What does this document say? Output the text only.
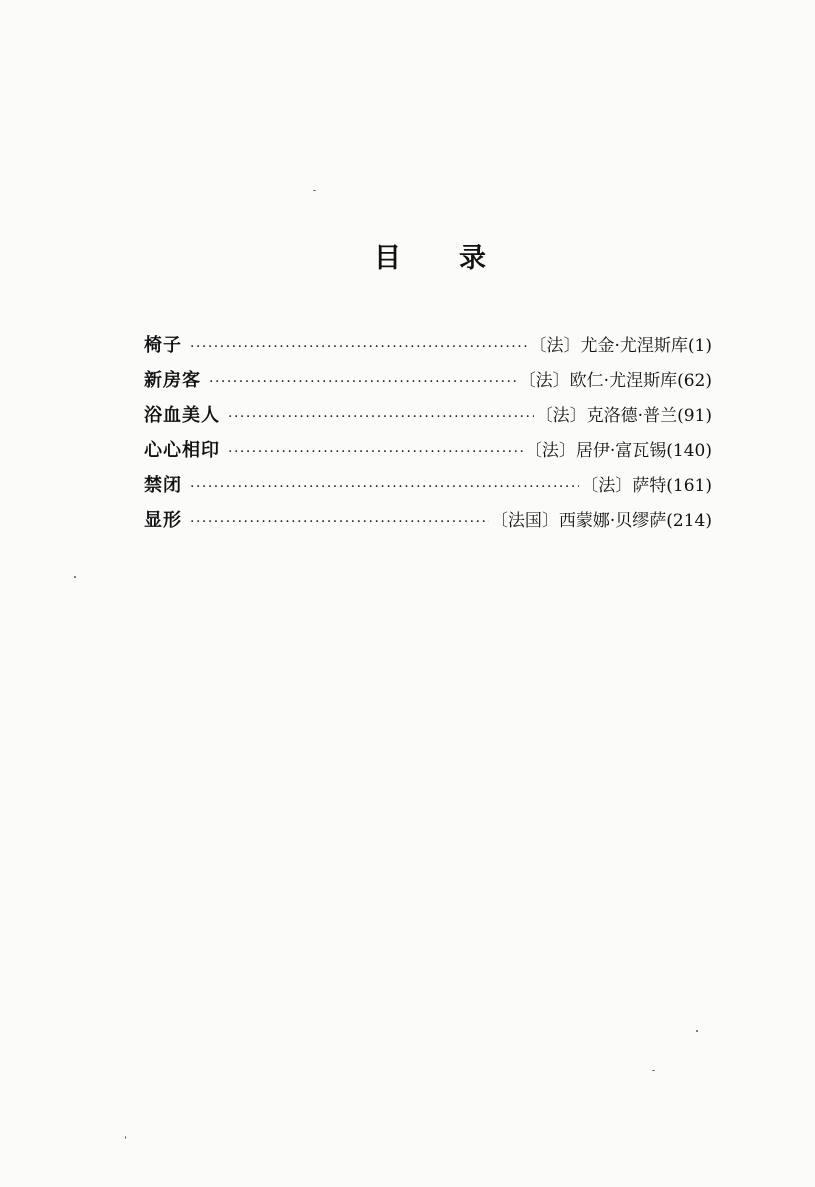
目 录
椅子 ·····	〔法〕尤金·尤涅斯库 (1)
新房客 ·····	〔法〕欧仁·尤涅斯库 (62)
浴血美人 ·····	〔法〕克洛德·普兰 (91)
心心相印 ·····	〔法〕居伊·富瓦锡 (140)
禁闭 ·····	〔法〕萨特 (161)
显形 ·····	〔法国〕西蒙娜·贝缪萨 (214)
